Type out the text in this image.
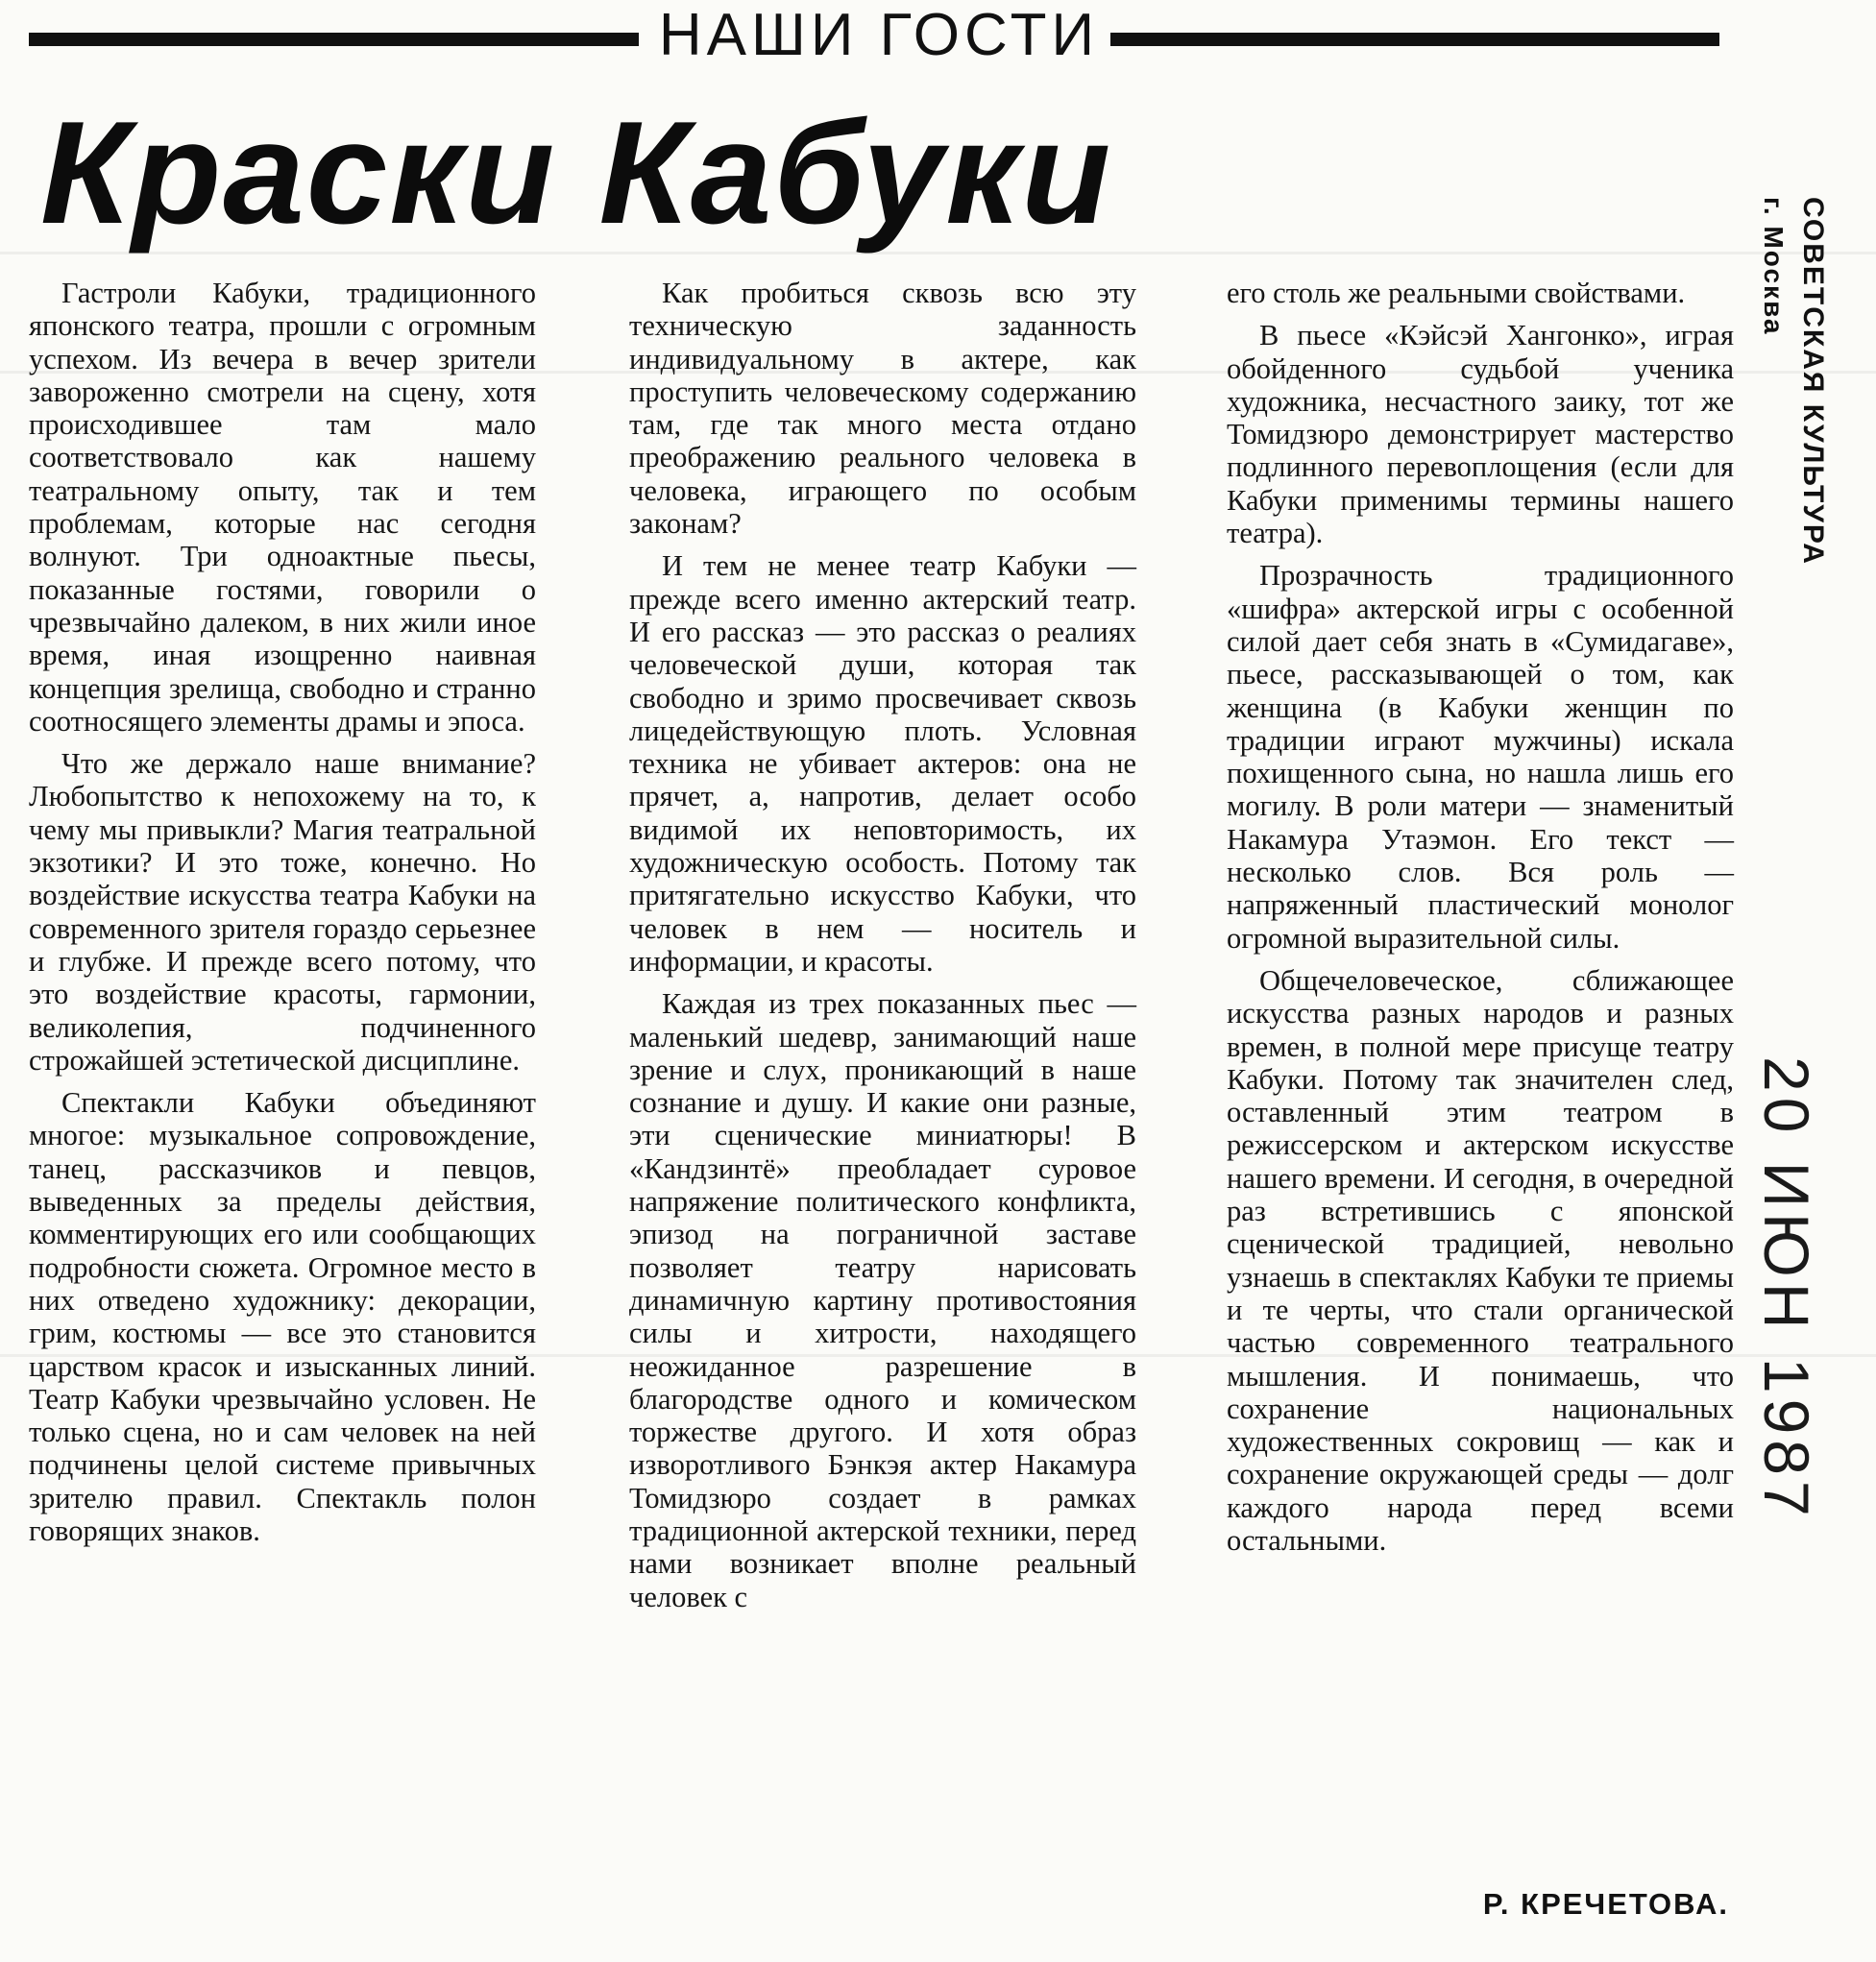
НАШИ ГОСТИ
Краски Кабуки

Гастроли Кабуки, традиционного японского театра, прошли с огромным успехом. Из вечера в вечер зрители завороженно смотрели на сцену, хотя происходившее там мало соответствовало как нашему театральному опыту, так и тем проблемам, которые нас сегодня волнуют. Три одноактные пьесы, показанные гостями, говорили о чрезвычайно далеком, в них жили иное время, иная изощренно наивная концепция зрелища, свободно и странно соотносящего элементы драмы и эпоса.

Что же держало наше внимание? Любопытство к непохожему на то, к чему мы привыкли? Магия театральной экзотики? И это тоже, конечно. Но воздействие искусства театра Кабуки на современного зрителя гораздо серьезнее и глубже. И прежде всего потому, что это воздействие красоты, гармонии, великолепия, подчиненного строжайшей эстетической дисциплине.

Спектакли Кабуки объединяют многое: музыкальное сопровождение, танец, рассказчиков и певцов, выведенных за пределы действия, комментирующих его или сообщающих подробности сюжета. Огромное место в них отведено художнику: декорации, грим, костюмы — все это становится царством красок и изысканных линий. Театр Кабуки чрезвычайно условен. Не только сцена, но и сам человек на ней подчинены целой системе привычных зрителю правил. Спектакль полон говорящих знаков.

Как пробиться сквозь всю эту техническую заданность индивидуальному в актере, как проступить человеческому содержанию там, где так много места отдано преображению реального человека в человека, играющего по особым законам?

И тем не менее театр Кабуки — прежде всего именно актерский театр. И его рассказ — это рассказ о реалиях человеческой души, которая так свободно и зримо просвечивает сквозь лицедействующую плоть. Условная техника не убивает актеров: она не прячет, а, напротив, делает особо видимой их неповторимость, их художническую особость. Потому так притягательно искусство Кабуки, что человек в нем — носитель и информации, и красоты.

Каждая из трех показанных пьес — маленький шедевр, занимающий наше зрение и слух, проникающий в наше сознание и душу. И какие они разные, эти сценические миниатюры! В «Кандзинтё» преобладает суровое напряжение политического конфликта, эпизод на пограничной заставе позволяет театру нарисовать динамичную картину противостояния силы и хитрости, находящего неожиданное разрешение в благородстве одного и комическом торжестве другого. И хотя образ изворотливого Бэнкэя актер Накамура Томидзюро создает в рамках традиционной актерской техники, перед нами возникает вполне реальный человек с

его столь же реальными свойствами.

В пьесе «Кэйсэй Хангонко», играя обойденного судьбой ученика художника, несчастного заику, тот же Томидзюро демонстрирует мастерство подлинного перевоплощения (если для Кабуки применимы термины нашего театра).

Прозрачность традиционного «шифра» актерской игры с особенной силой дает себя знать в «Сумидагаве», пьесе, рассказывающей о том, как женщина (в Кабуки женщин по традиции играют мужчины) искала похищенного сына, но нашла лишь его могилу. В роли матери — знаменитый Накамура Утаэмон. Его текст — несколько слов. Вся роль — напряженный пластический монолог огромной выразительной силы.

Общечеловеческое, сближающее искусства разных народов и разных времен, в полной мере присуще театру Кабуки. Потому так значителен след, оставленный этим театром в режиссерском и актерском искусстве нашего времени. И сегодня, в очередной раз встретившись с японской сценической традицией, невольно узнаешь в спектаклях Кабуки те приемы и те черты, что стали органической частью современного театрального мышления. И понимаешь, что сохранение национальных художественных сокровищ — как и сохранение окружающей среды — долг каждого народа перед всеми остальными.

Р. КРЕЧЕТОВА.
СОВЕТСКАЯ КУЛЬТУРА
г. Москва
20 ИЮН 1987
